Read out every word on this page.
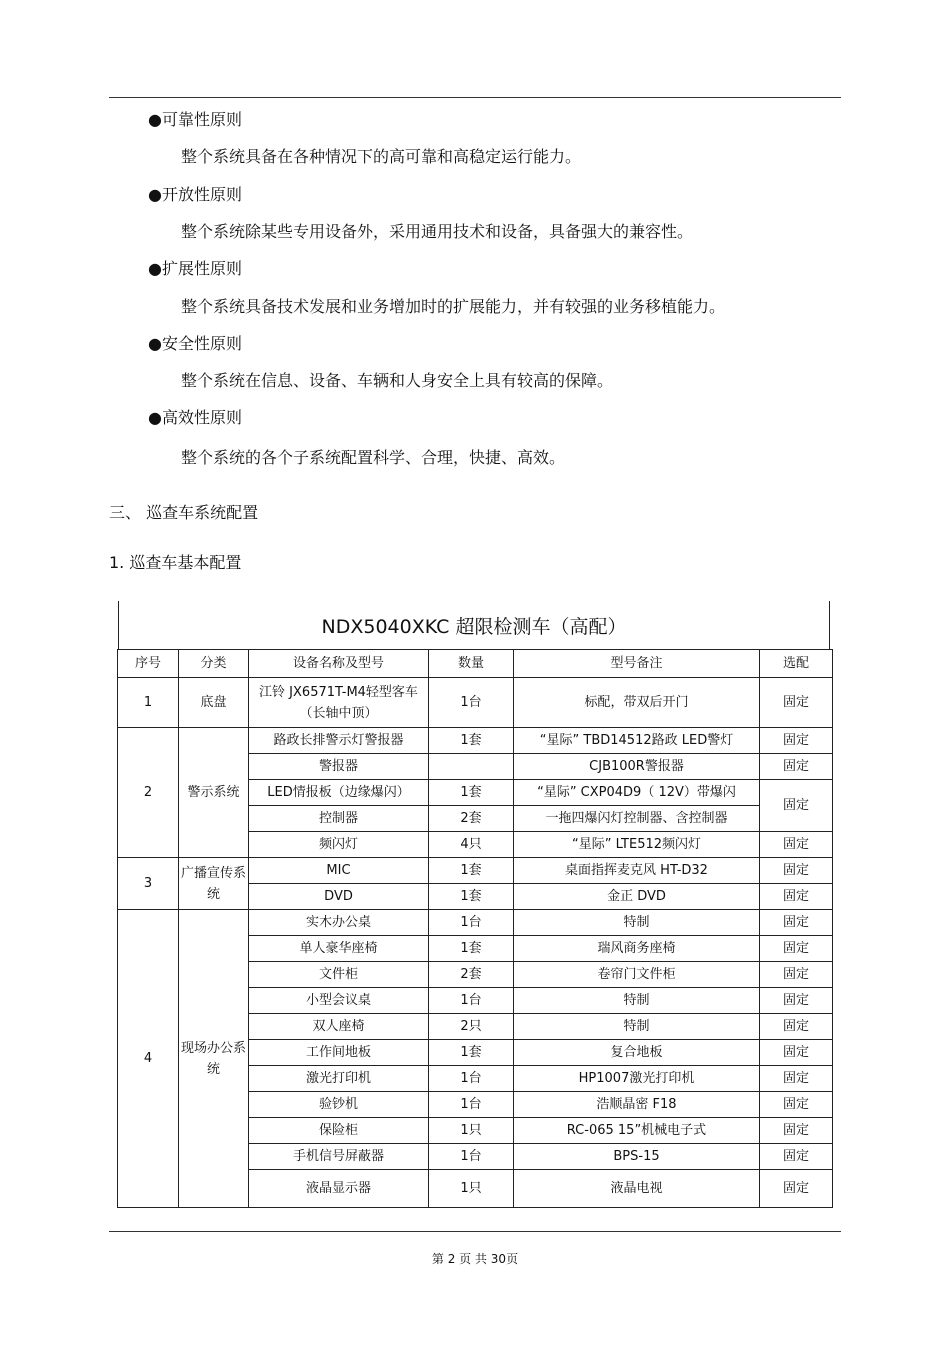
●可靠性原则
整个系统具备在各种情况下的高可靠和高稳定运行能力。
●开放性原则
整个系统除某些专用设备外，采用通用技术和设备，具备强大的兼容性。
●扩展性原则
整个系统具备技术发展和业务增加时的扩展能力，并有较强的业务移植能力。
●安全性原则
整个系统在信息、设备、车辆和人身安全上具有较高的保障。
●高效性原则
整个系统的各个子系统配置科学、合理，快捷、高效。
三、 巡查车系统配置
1. 巡查车基本配置
NDX5040XKC 超限检测车（高配）
序号	分类	设备名称及型号	数量	型号备注	选配
1	底盘	江铃 JX6571T-M4轻型客车（长轴中顶）	1台	标配，带双后开门	固定
2	警示系统	路政长排警示灯警报器	1套	“星际” TBD14512路政 LED警灯	固定
		警报器		CJB100R警报器	固定
		LED情报板（边缘爆闪）	1套	“星际” CXP04D9（ 12V）带爆闪	固定
		控制器	2套	一拖四爆闪灯控制器、含控制器	
		频闪灯	4只	“星际” LTE512频闪灯	固定
3	广播宣传系统	MIC	1套	桌面指挥麦克风 HT-D32	固定
		DVD	1套	金正 DVD	固定
4	现场办公系统	实木办公桌	1台	特制	固定
		单人豪华座椅	1套	瑞风商务座椅	固定
		文件柜	2套	卷帘门文件柜	固定
		小型会议桌	1台	特制	固定
		双人座椅	2只	特制	固定
		工作间地板	1套	复合地板	固定
		激光打印机	1台	HP1007激光打印机	固定
		验钞机	1台	浩顺晶密 F18	固定
		保险柜	1只	RC-065 15”机械电子式	固定
		手机信号屏蔽器	1台	BPS-15	固定
		液晶显示器	1只	液晶电视	固定
第 2 页 共 30页
